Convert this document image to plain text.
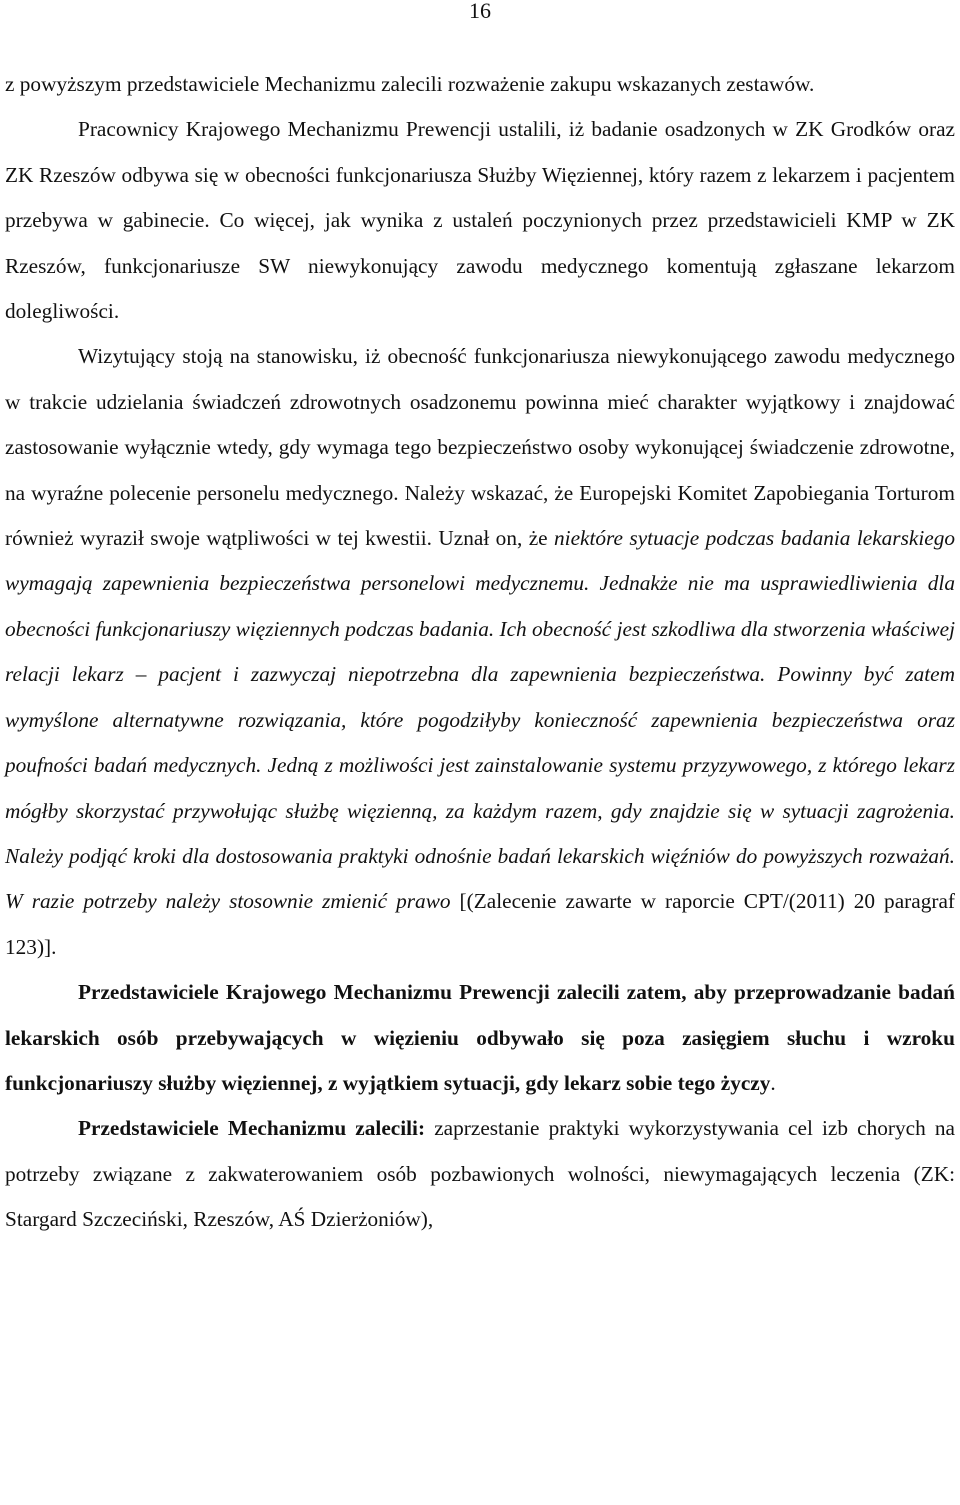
16

z powyższym przedstawiciele Mechanizmu zalecili rozważenie zakupu wskazanych zestawów.

Pracownicy Krajowego Mechanizmu Prewencji ustalili, iż badanie osadzonych w ZK Grodków oraz ZK Rzeszów odbywa się w obecności funkcjonariusza Służby Więziennej, który razem z lekarzem i pacjentem przebywa w gabinecie. Co więcej, jak wynika z ustaleń poczynionych przez przedstawicieli KMP w ZK Rzeszów, funkcjonariusze SW niewykonujący zawodu medycznego komentują zgłaszane lekarzom dolegliwości.

Wizytujący stoją na stanowisku, iż obecność funkcjonariusza niewykonującego zawodu medycznego w trakcie udzielania świadczeń zdrowotnych osadzonemu powinna mieć charakter wyjątkowy i znajdować zastosowanie wyłącznie wtedy, gdy wymaga tego bezpieczeństwo osoby wykonującej świadczenie zdrowotne, na wyraźne polecenie personelu medycznego. Należy wskazać, że Europejski Komitet Zapobiegania Torturom również wyraził swoje wątpliwości w tej kwestii. Uznał on, że niektóre sytuacje podczas badania lekarskiego wymagają zapewnienia bezpieczeństwa personelowi medycznemu. Jednakże nie ma usprawiedliwienia dla obecności funkcjonariuszy więziennych podczas badania. Ich obecność jest szkodliwa dla stworzenia właściwej relacji lekarz – pacjent i zazwyczaj niepotrzebna dla zapewnienia bezpieczeństwa. Powinny być zatem wymyślone alternatywne rozwiązania, które pogodziłyby konieczność zapewnienia bezpieczeństwa oraz poufności badań medycznych. Jedną z możliwości jest zainstalowanie systemu przyzywowego, z którego lekarz mógłby skorzystać przywołując służbę więzienną, za każdym razem, gdy znajdzie się w sytuacji zagrożenia. Należy podjąć kroki dla dostosowania praktyki odnośnie badań lekarskich więźniów do powyższych rozważań. W razie potrzeby należy stosownie zmienić prawo [(Zalecenie zawarte w raporcie CPT/(2011) 20 paragraf 123)].

Przedstawiciele Krajowego Mechanizmu Prewencji zalecili zatem, aby przeprowadzanie badań lekarskich osób przebywających w więzieniu odbywało się poza zasięgiem słuchu i wzroku funkcjonariuszy służby więziennej, z wyjątkiem sytuacji, gdy lekarz sobie tego życzy.

Przedstawiciele Mechanizmu zalecili: zaprzestanie praktyki wykorzystywania cel izb chorych na potrzeby związane z zakwaterowaniem osób pozbawionych wolności, niewymagających leczenia (ZK: Stargard Szczeciński, Rzeszów, AŚ Dzierżoniów),
